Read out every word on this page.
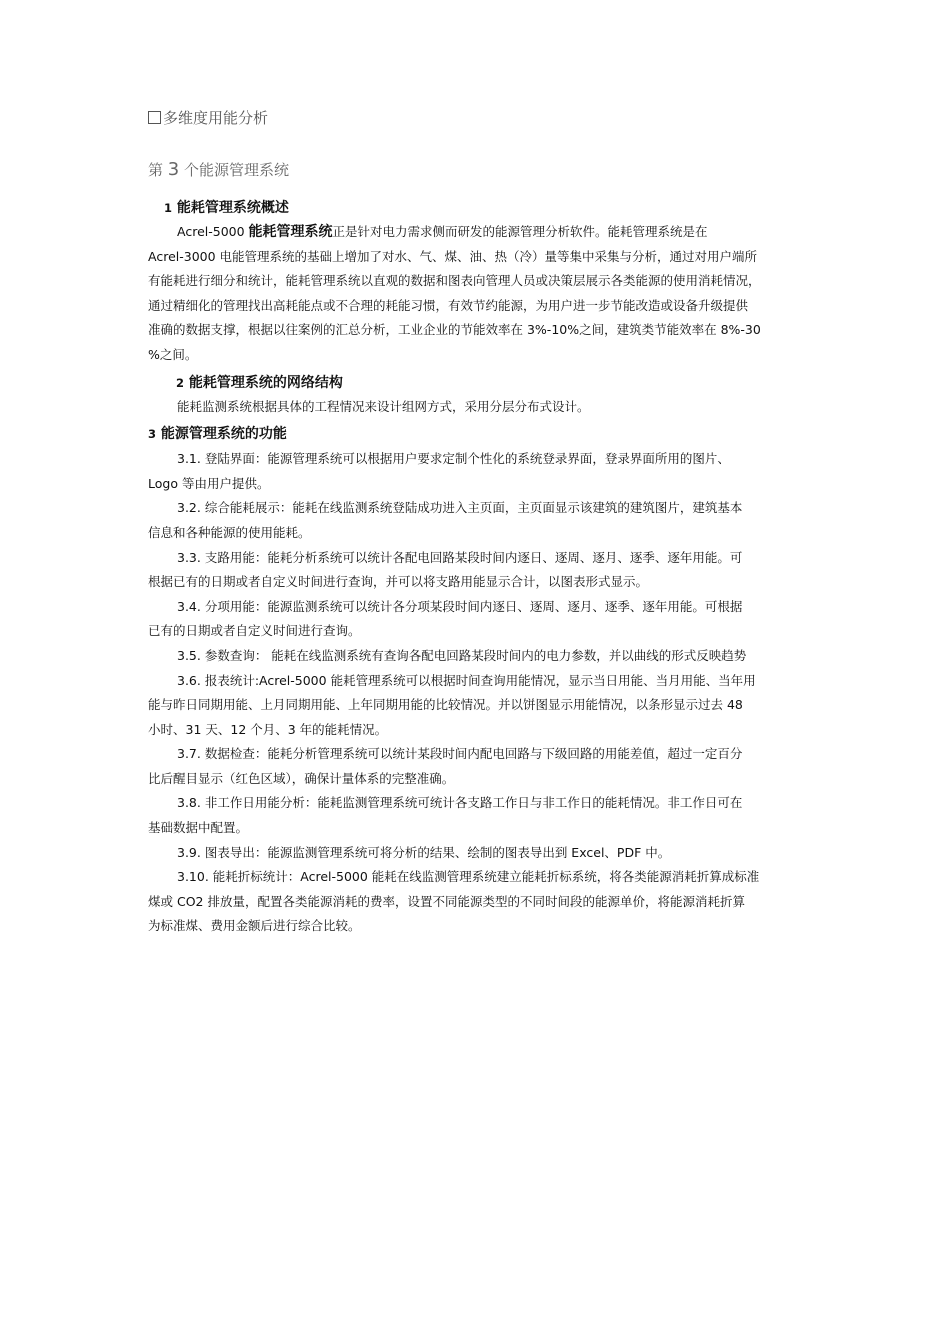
多维度用能分析
第 3 个能源管理系统
1 能耗管理系统概述

Acrel-5000 能耗管理系统正是针对电力需求侧而研发的能源管理分析软件。能耗管理系统是在
Acrel-3000 电能管理系统的基础上增加了对水、气、煤、油、热（冷）量等集中采集与分析，通过对用户端所
有能耗进行细分和统计，能耗管理系统以直观的数据和图表向管理人员或决策层展示各类能源的使用消耗情况，
通过精细化的管理找出高耗能点或不合理的耗能习惯，有效节约能源，为用户进一步节能改造或设备升级提供
准确的数据支撑，根据以往案例的汇总分析，工业企业的节能效率在 3%-10%之间，建筑类节能效率在 8%-30
%之间。

2 能耗管理系统的网络结构

能耗监测系统根据具体的工程情况来设计组网方式，采用分层分布式设计。

3 能源管理系统的功能

3.1. 登陆界面：能源管理系统可以根据用户要求定制个性化的系统登录界面，登录界面所用的图片、
Logo 等由用户提供。

3.2. 综合能耗展示：能耗在线监测系统登陆成功进入主页面，主页面显示该建筑的建筑图片，建筑基本
信息和各种能源的使用能耗。

3.3. 支路用能：能耗分析系统可以统计各配电回路某段时间内逐日、逐周、逐月、逐季、逐年用能。可
根据已有的日期或者自定义时间进行查询，并可以将支路用能显示合计，以图表形式显示。

3.4. 分项用能：能源监测系统可以统计各分项某段时间内逐日、逐周、逐月、逐季、逐年用能。可根据
已有的日期或者自定义时间进行查询。

3.5. 参数查询： 能耗在线监测系统有查询各配电回路某段时间内的电力参数，并以曲线的形式反映趋势

3.6. 报表统计:Acrel-5000 能耗管理系统可以根据时间查询用能情况，显示当日用能、当月用能、当年用
能与昨日同期用能、上月同期用能、上年同期用能的比较情况。并以饼图显示用能情况，以条形显示过去 48
小时、31 天、12 个月、3 年的能耗情况。

3.7. 数据检查：能耗分析管理系统可以统计某段时间内配电回路与下级回路的用能差值，超过一定百分
比后醒目显示（红色区域），确保计量体系的完整准确。

3.8. 非工作日用能分析：能耗监测管理系统可统计各支路工作日与非工作日的能耗情况。非工作日可在
基础数据中配置。

3.9. 图表导出：能源监测管理系统可将分析的结果、绘制的图表导出到 Excel、PDF 中。

3.10. 能耗折标统计：Acrel-5000 能耗在线监测管理系统建立能耗折标系统，将各类能源消耗折算成标准
煤或 CO2 排放量，配置各类能源消耗的费率，设置不同能源类型的不同时间段的能源单价，将能源消耗折算
为标准煤、费用金额后进行综合比较。
